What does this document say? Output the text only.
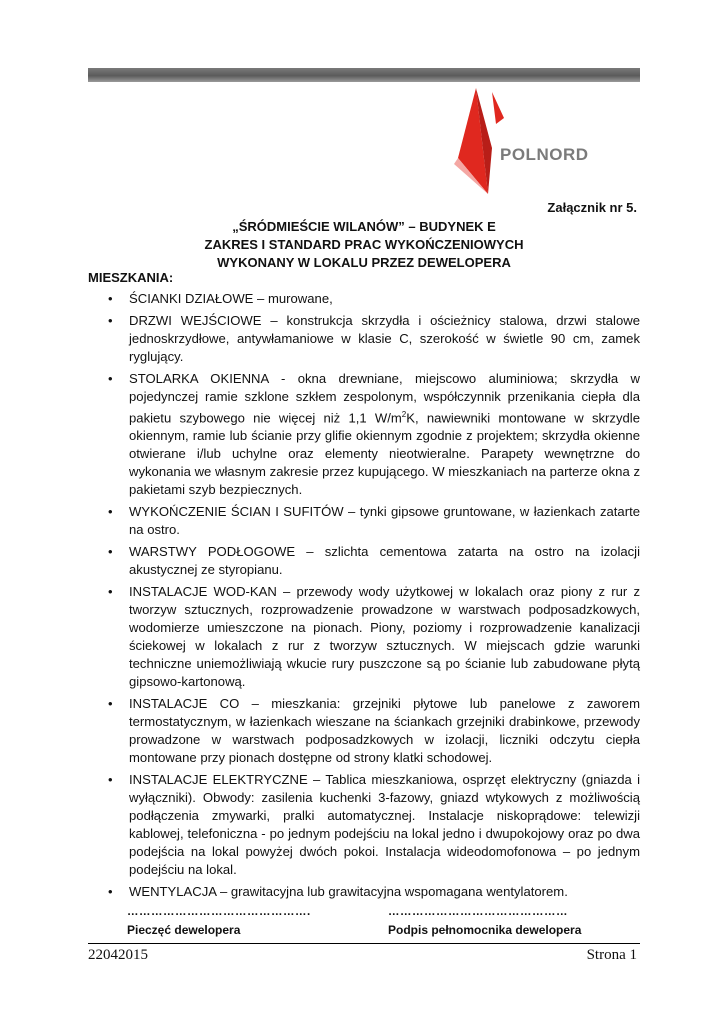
POLNORD
Załącznik nr 5.
„ŚRÓDMIEŚCIE WILANÓW” – BUDYNEK E
ZAKRES I STANDARD PRAC WYKOŃCZENIOWYCH
WYKONANY W LOKALU PRZEZ DEWELOPERA
MIESZKANIA:
• ŚCIANKI DZIAŁOWE – murowane,
• DRZWI WEJŚCIOWE – konstrukcja skrzydła i ościeżnicy stalowa, drzwi stalowe jednoskrzydłowe, antywłamaniowe w klasie C, szerokość w świetle 90 cm, zamek ryglujący.
• STOLARKA OKIENNA - okna drewniane, miejscowo aluminiowa; skrzydła w pojedynczej ramie szklone szkłem zespolonym, współczynnik przenikania ciepła dla pakietu szybowego nie więcej niż 1,1 $W/m^2K$, nawiewniki montowane w skrzydle okiennym, ramie lub ścianie przy glifie okiennym zgodnie z projektem; skrzydła okienne otwierane i/lub uchylne oraz elementy nieotwieralne. Parapety wewnętrzne do wykonania we własnym zakresie przez kupującego. W mieszkaniach na parterze okna z pakietami szyb bezpiecznych.
• WYKOŃCZENIE ŚCIAN I SUFITÓW – tynki gipsowe gruntowane, w łazienkach zatarte na ostro.
• WARSTWY PODŁOGOWE – szlichta cementowa zatarta na ostro na izolacji akustycznej ze styropianu.
• INSTALACJE WOD-KAN – przewody wody użytkowej w lokalach oraz piony z rur z tworzyw sztucznych, rozprowadzenie prowadzone w warstwach podposadzkowych, wodomierze umieszczone na pionach. Piony, poziomy i rozprowadzenie kanalizacji ściekowej w lokalach z rur z tworzyw sztucznych. W miejscach gdzie warunki techniczne uniemożliwiają wkucie rury puszczone są po ścianie lub zabudowane płytą gipsowo-kartonową.
• INSTALACJE CO – mieszkania: grzejniki płytowe lub panelowe z zaworem termostatycznym, w łazienkach wieszane na ściankach grzejniki drabinkowe, przewody prowadzone w warstwach podposadzkowych w izolacji, liczniki odczytu ciepła montowane przy pionach dostępne od strony klatki schodowej.
• INSTALACJE ELEKTRYCZNE – Tablica mieszkaniowa, osprzęt elektryczny (gniazda i wyłączniki). Obwody: zasilenia kuchenki 3-fazowy, gniazd wtykowych z możliwością podłączenia zmywarki, pralki automatycznej. Instalacje niskoprądowe: telewizji kablowej, telefoniczna - po jednym podejściu na lokal jedno i dwupokojowy oraz po dwa podejścia na lokal powyżej dwóch pokoi. Instalacja wideodomofonowa – po jednym podejściu na lokal.
• WENTYLACJA – grawitacyjna lub grawitacyjna wspomagana wentylatorem.
……………………………………….
Pieczęć dewelopera
………………………………………
Podpis pełnomocnika dewelopera
22042015	Strona 1
